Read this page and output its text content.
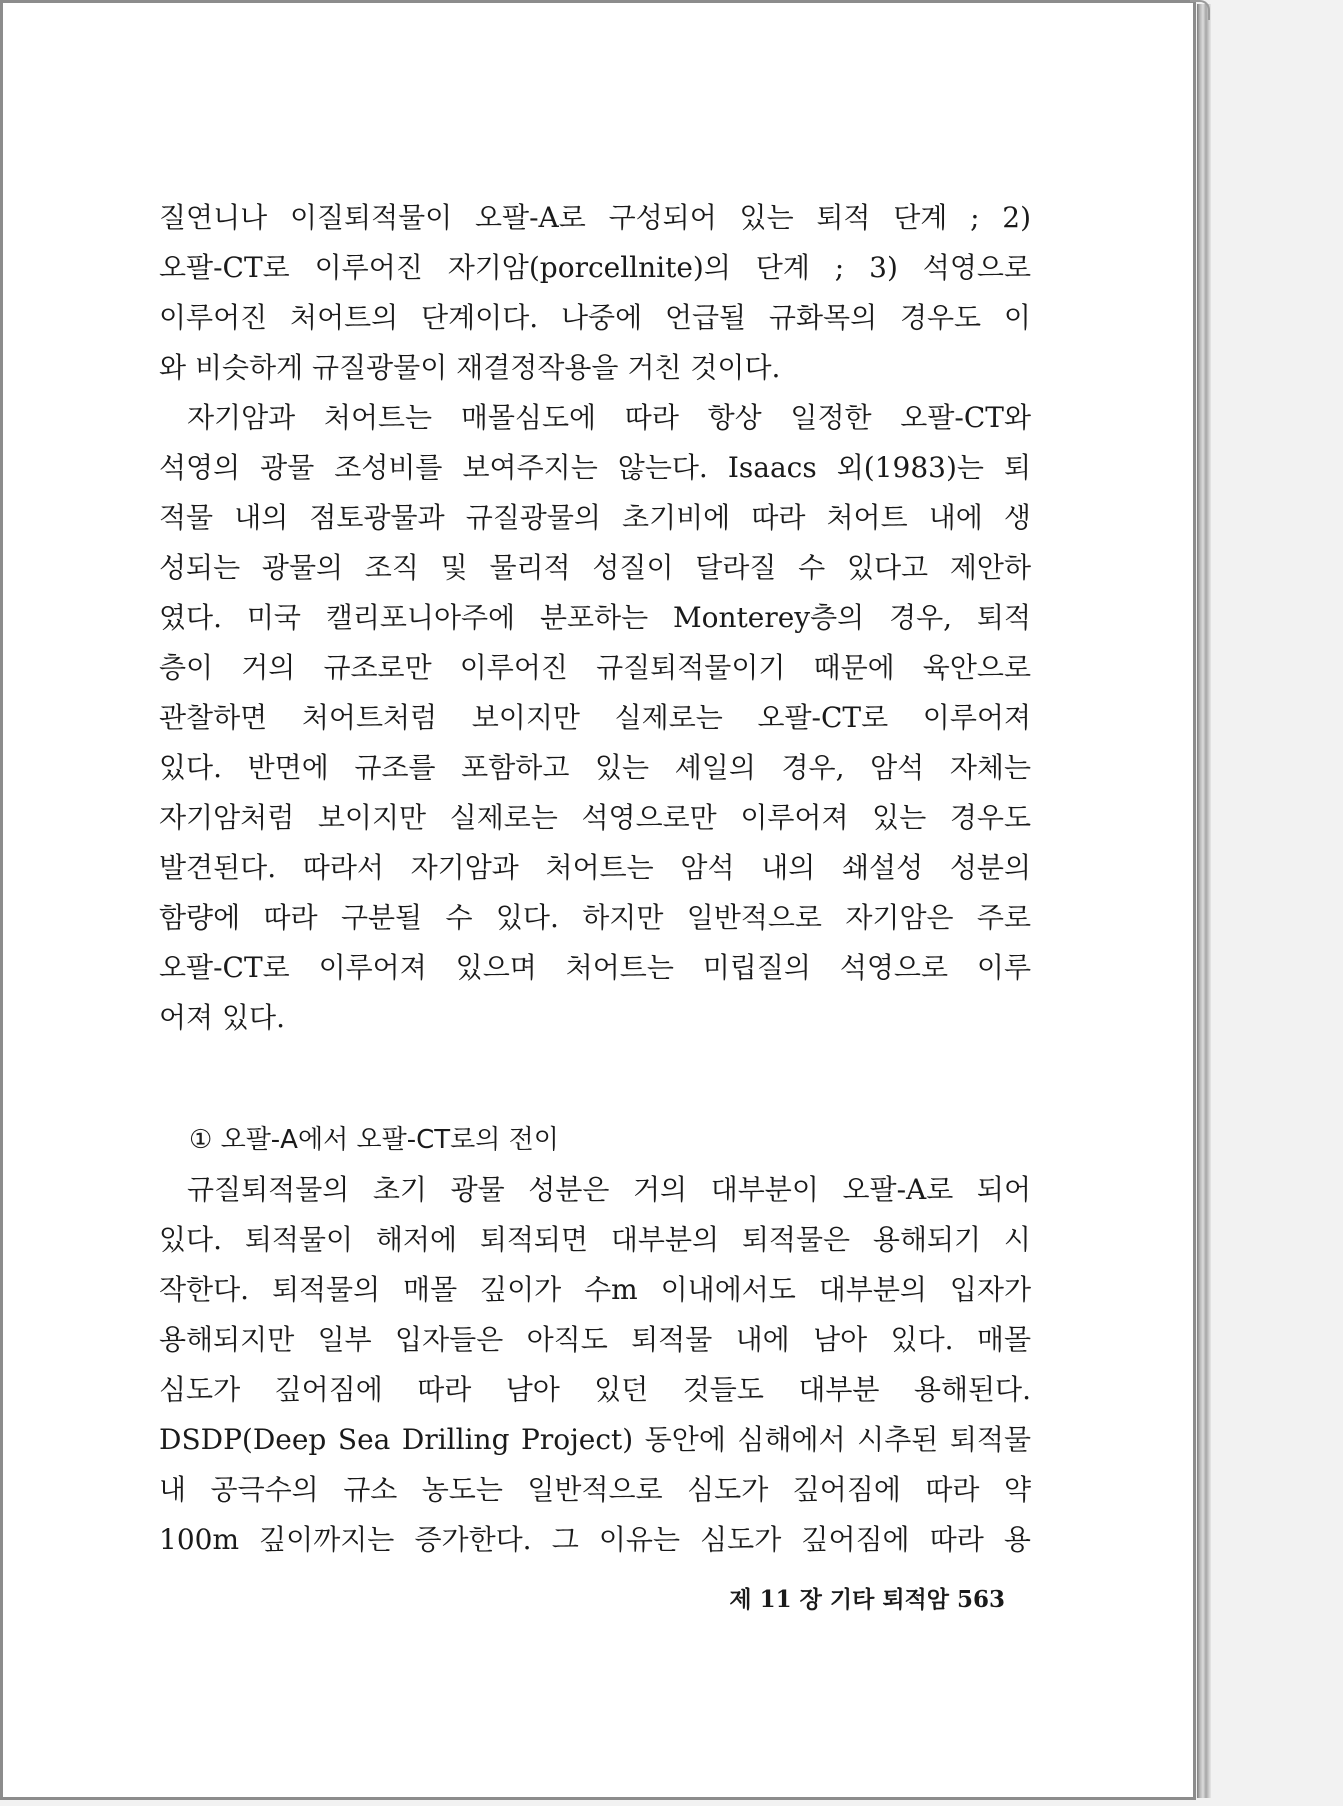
질연니나 이질퇴적물이 오팔-A로 구성되어 있는 퇴적 단계 ; 2)
오팔-CT로 이루어진 자기암(porcellnite)의 단계 ; 3) 석영으로
이루어진 처어트의 단계이다. 나중에 언급될 규화목의 경우도 이
와 비슷하게 규질광물이 재결정작용을 거친 것이다.
자기암과 처어트는 매몰심도에 따라 항상 일정한 오팔-CT와
석영의 광물 조성비를 보여주지는 않는다. Isaacs 외(1983)는 퇴
적물 내의 점토광물과 규질광물의 초기비에 따라 처어트 내에 생
성되는 광물의 조직 및 물리적 성질이 달라질 수 있다고 제안하
였다. 미국 캘리포니아주에 분포하는 Monterey층의 경우, 퇴적
층이 거의 규조로만 이루어진 규질퇴적물이기 때문에 육안으로
관찰하면 처어트처럼 보이지만 실제로는 오팔-CT로 이루어져
있다. 반면에 규조를 포함하고 있는 셰일의 경우, 암석 자체는
자기암처럼 보이지만 실제로는 석영으로만 이루어져 있는 경우도
발견된다. 따라서 자기암과 처어트는 암석 내의 쇄설성 성분의
함량에 따라 구분될 수 있다. 하지만 일반적으로 자기암은 주로
오팔-CT로 이루어져 있으며 처어트는 미립질의 석영으로 이루
어져 있다.
① 오팔-A에서 오팔-CT로의 전이
규질퇴적물의 초기 광물 성분은 거의 대부분이 오팔-A로 되어
있다. 퇴적물이 해저에 퇴적되면 대부분의 퇴적물은 용해되기 시
작한다. 퇴적물의 매몰 깊이가 수m 이내에서도 대부분의 입자가
용해되지만 일부 입자들은 아직도 퇴적물 내에 남아 있다. 매몰
심도가 깊어짐에 따라 남아 있던 것들도 대부분 용해된다.
DSDP(Deep Sea Drilling Project) 동안에 심해에서 시추된 퇴적물
내 공극수의 규소 농도는 일반적으로 심도가 깊어짐에 따라 약
100m 깊이까지는 증가한다. 그 이유는 심도가 깊어짐에 따라 용
제 11 장 기타 퇴적암 563
